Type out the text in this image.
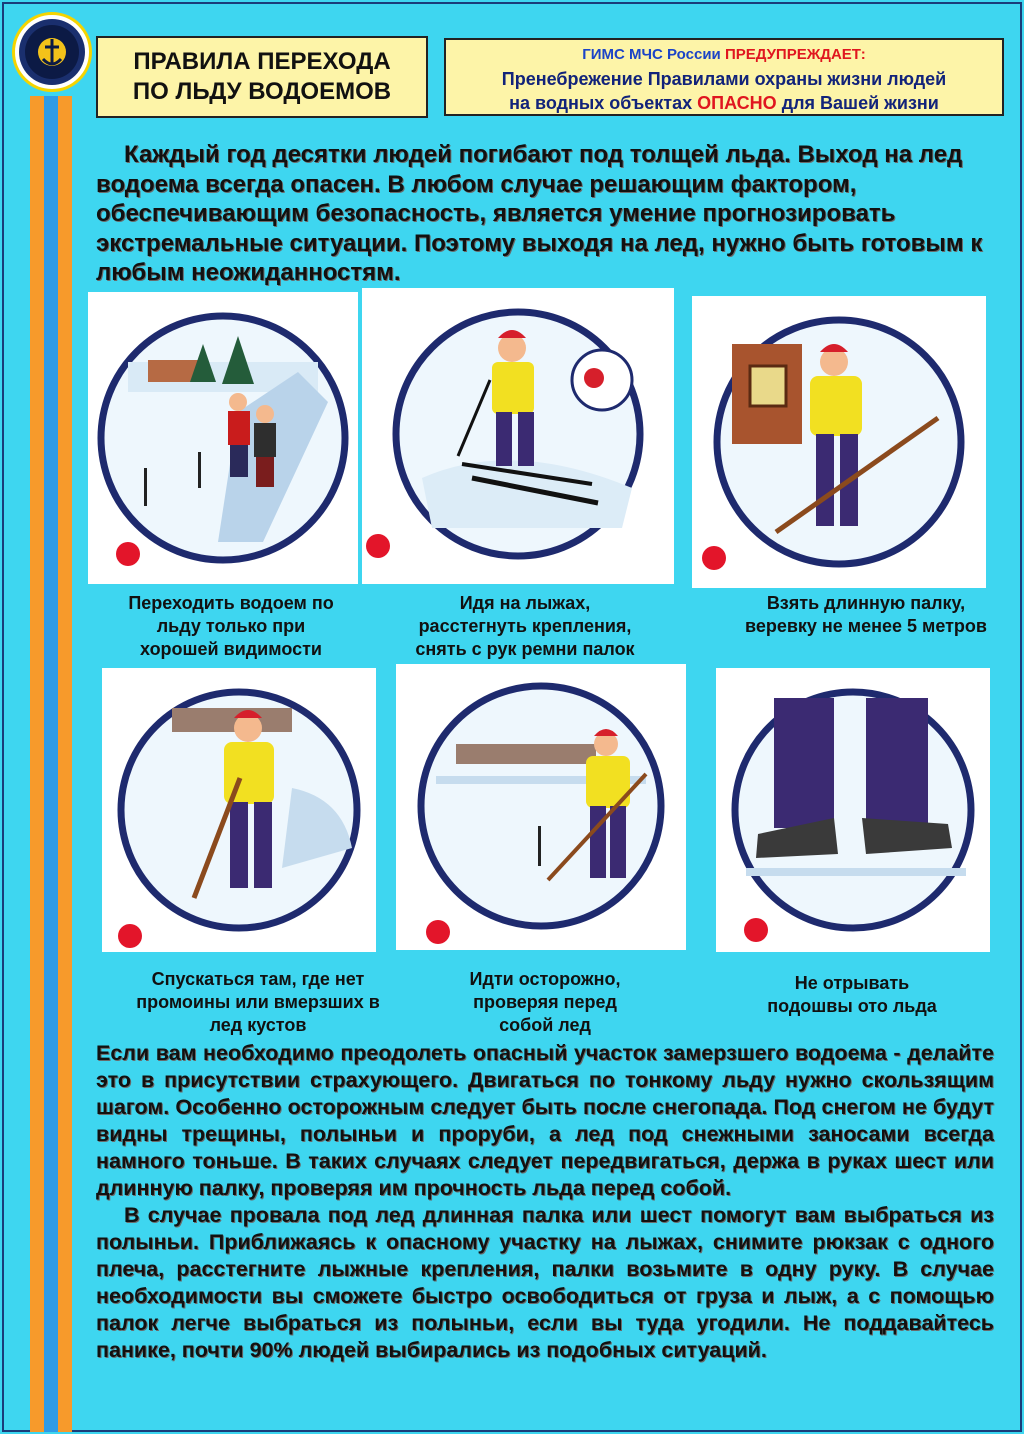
ПРАВИЛА ПЕРЕХОДА
ПО ЛЬДУ ВОДОЕМОВ
ГИМС МЧС России ПРЕДУПРЕЖДАЕТ:
Пренебрежение Правилами охраны жизни людей
на водных объектах ОПАСНО для Вашей жизни

Каждый год десятки людей погибают под толщей льда. Выход на лед водоема всегда опасен. В любом случае решающим фактором, обеспечивающим безопасность, является умение прогнозировать экстремальные ситуации. Поэтому выходя на лед, нужно быть готовым к любым неожиданностям.

Переходить водоем по
льду только при
хорошей видимости
Идя на лыжах,
расстегнуть крепления,
снять с рук ремни палок
Взять длинную палку,
веревку не менее 5 метров
Спускаться там, где нет
промоины или вмерзших в
лед кустов
Идти осторожно,
проверяя перед
собой лед
Не отрывать
подошвы ото льда

Если вам необходимо преодолеть опасный участок замерзшего водоема - делайте это в присутствии страхующего. Двигаться по тонкому льду нужно скользящим шагом. Особенно осторожным следует быть после снегопада. Под снегом не будут видны трещины, полыньи и проруби, а лед под снежными заносами всегда намного тоньше. В таких случаях следует передвигаться, держа в руках шест или длинную палку, проверяя им прочность льда перед собой.

В случае провала под лед длинная палка или шест помогут вам выбраться из полыньи. Приближаясь к опасному участку на лыжах, снимите рюкзак с одного плеча, расстегните лыжные крепления, палки возьмите в одну руку. В случае необходимости вы сможете быстро освободиться от груза и лыж, а с помощью палок легче выбраться из полыньи, если вы туда угодили. Не поддавайтесь панике, почти 90% людей выбирались из подобных ситуаций.
